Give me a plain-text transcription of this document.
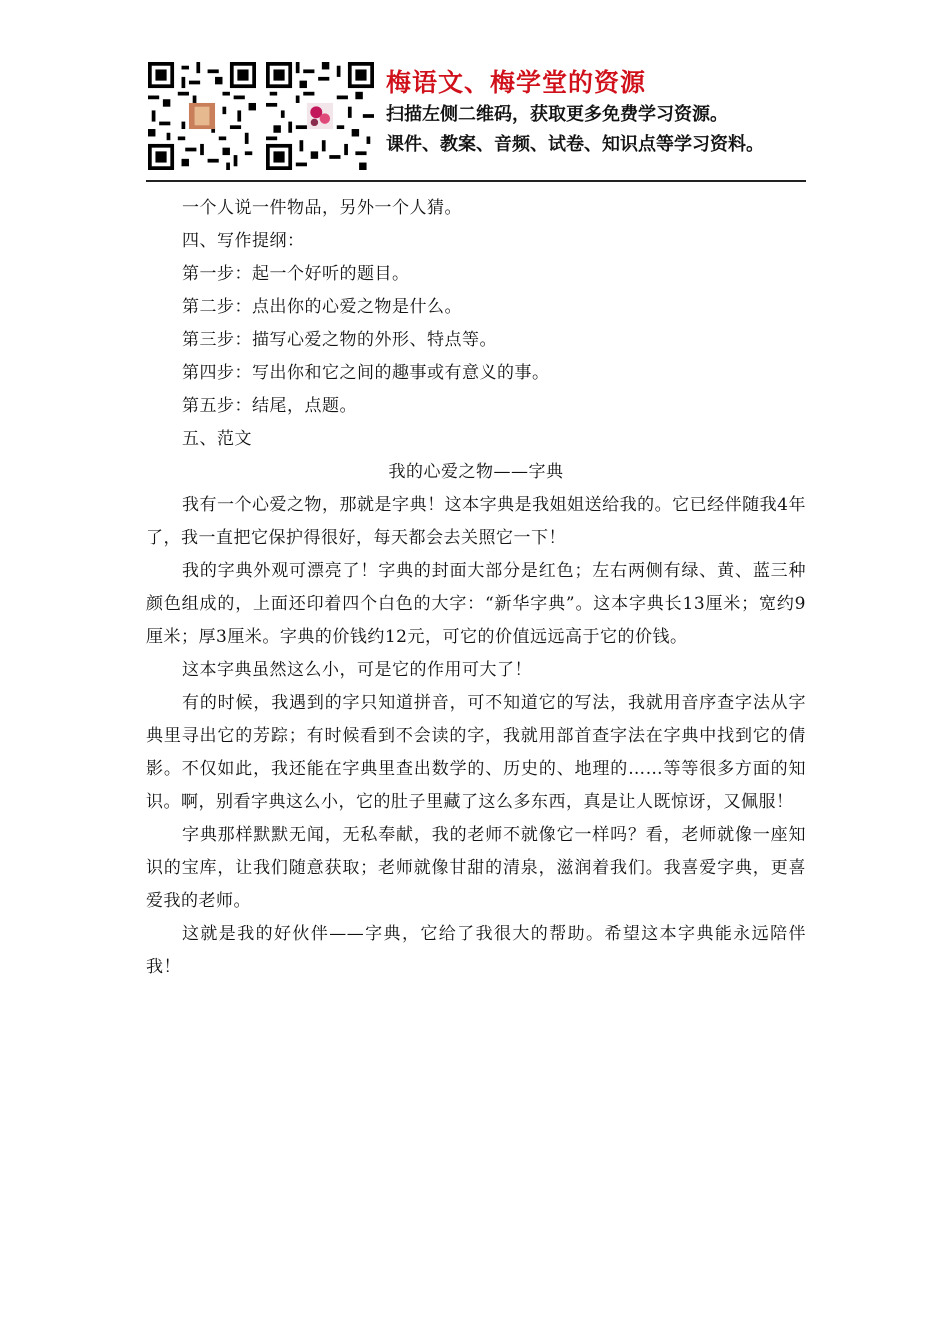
梅语文、梅学堂的资源

扫描左侧二维码，获取更多免费学习资源。

课件、教案、音频、试卷、知识点等学习资料。

一个人说一件物品，另外一个人猜。

四、写作提纲：

第一步：起一个好听的题目。

第二步：点出你的心爱之物是什么。

第三步：描写心爱之物的外形、特点等。

第四步：写出你和它之间的趣事或有意义的事。

第五步：结尾，点题。

五、范文

我的心爱之物——字典

我有一个心爱之物，那就是字典！这本字典是我姐姐送给我的。它已经伴随我4年了，我一直把它保护得很好，每天都会去关照它一下！

我的字典外观可漂亮了！字典的封面大部分是红色；左右两侧有绿、黄、蓝三种颜色组成的，上面还印着四个白色的大字：“新华字典”。这本字典长13厘米；宽约9厘米；厚3厘米。字典的价钱约12元，可它的价值远远高于它的价钱。

这本字典虽然这么小，可是它的作用可大了！

有的时候，我遇到的字只知道拼音，可不知道它的写法，我就用音序查字法从字典里寻出它的芳踪；有时候看到不会读的字，我就用部首查字法在字典中找到它的倩影。不仅如此，我还能在字典里查出数学的、历史的、地理的……等等很多方面的知识。啊，别看字典这么小，它的肚子里藏了这么多东西，真是让人既惊讶，又佩服！

字典那样默默无闻，无私奉献，我的老师不就像它一样吗？看，老师就像一座知识的宝库，让我们随意获取；老师就像甘甜的清泉，滋润着我们。我喜爱字典，更喜爱我的老师。

这就是我的好伙伴——字典，它给了我很大的帮助。希望这本字典能永远陪伴我！
